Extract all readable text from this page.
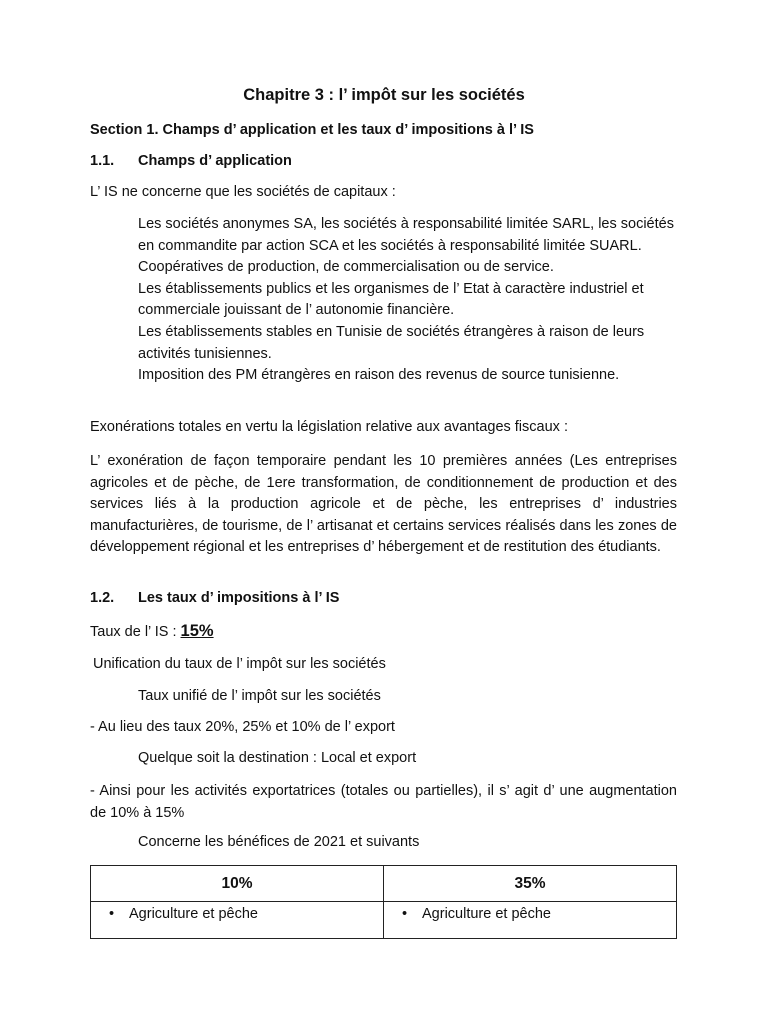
Chapitre 3 : l’ impôt sur les sociétés
Section 1. Champs d’ application et les taux d’ impositions à l’ IS
1.1. Champs d’ application
L’ IS ne concerne que les sociétés de capitaux :

Les sociétés anonymes SA, les sociétés à responsabilité limitée SARL, les sociétés en commandite par action SCA et les sociétés à responsabilité limitée SUARL.

Coopératives de production, de commercialisation ou de service.

Les établissements publics et les organismes de l’ Etat à caractère industriel et commerciale jouissant de l’ autonomie financière.

Les établissements stables en Tunisie de sociétés étrangères à raison de leurs activités tunisiennes.

Imposition des PM étrangères en raison des revenus de source tunisienne.

Exonérations totales en vertu la législation relative aux avantages fiscaux :
L’ exonération de façon temporaire pendant les 10 premières années (Les entreprises agricoles et de pèche, de 1ere transformation, de conditionnement de production et des services liés à la production agricole et de pèche, les entreprises d’ industries manufacturières, de tourisme, de l’ artisanat et certains services réalisés dans les zones de développement régional et les entreprises d’ hébergement et de restitution des étudiants.
1.2. Les taux d’ impositions à l’ IS
Taux de l’ IS : 15%
Unification du taux de l’ impôt sur les sociétés
Taux unifié de l’ impôt sur les sociétés
- Au lieu des taux 20%, 25% et 10% de l’ export
Quelque soit la destination : Local et export
- Ainsi pour les activités exportatrices (totales ou partielles), il s’ agit d’ une augmentation de 10% à 15%
Concerne les bénéfices de 2021 et suivants
10%	35%
• Agriculture et pêche	• Agriculture et pêche
